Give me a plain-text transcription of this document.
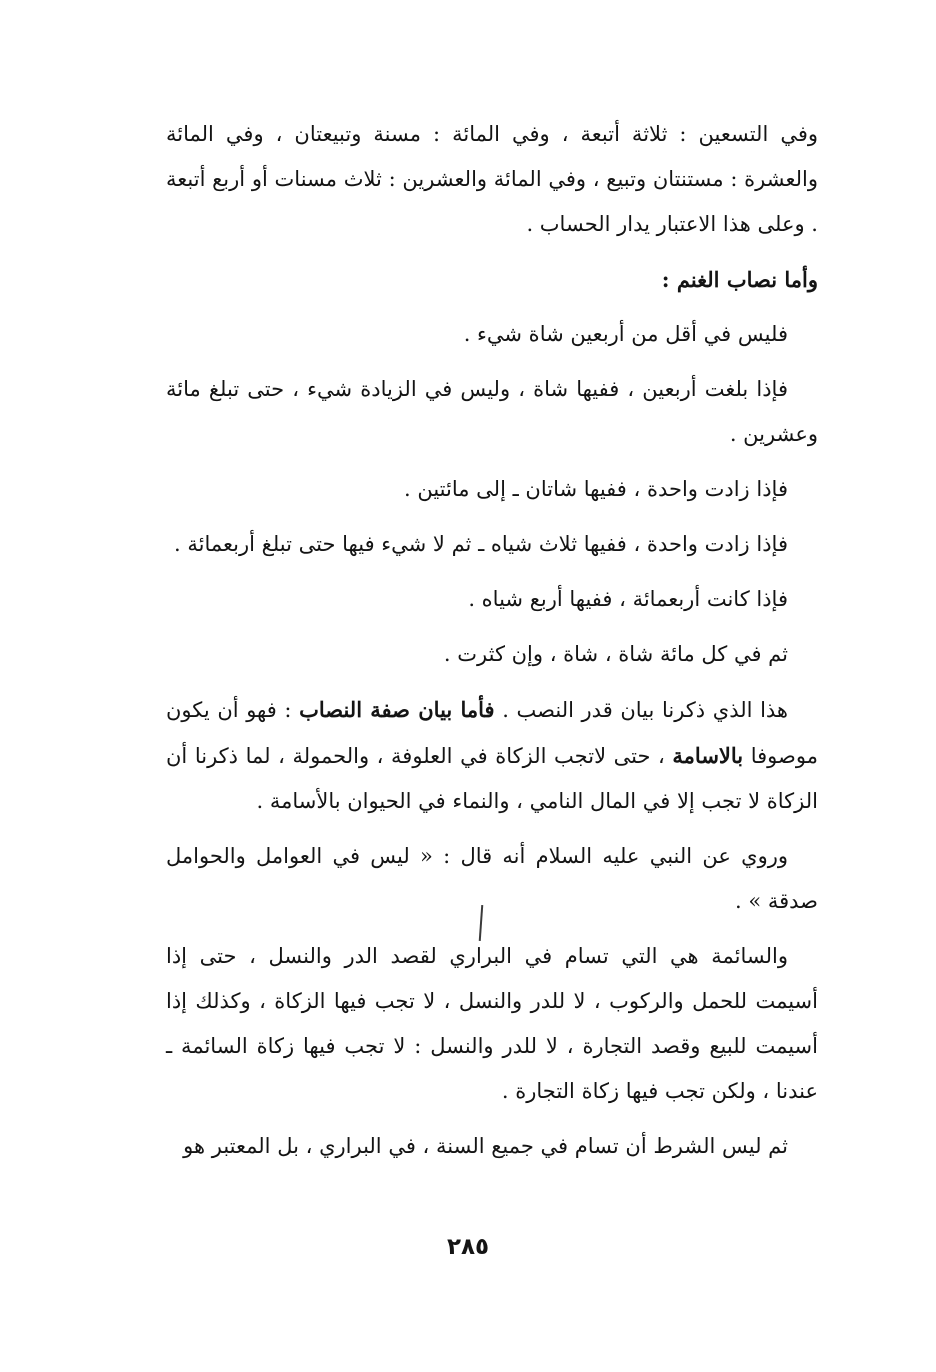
وفي التسعين : ثلاثة أتبعة ، وفي المائة : مسنة وتبيعتان ، وفي المائة والعشرة : مستنتان وتبيع ، وفي المائة والعشرين : ثلاث مسنات أو أربع أتبعة . وعلى هذا الاعتبار يدار الحساب .

وأما نصاب الغنم :

فليس في أقل من أربعين شاة شيء .

فإذا بلغت أربعين ، ففيها شاة ، وليس في الزيادة شيء ، حتى تبلغ مائة وعشرين .

فإذا زادت واحدة ، ففيها شاتان ـ إلى مائتين .

فإذا زادت واحدة ، ففيها ثلاث شياه ـ ثم لا شيء فيها حتى تبلغ أربعمائة .

فإذا كانت أربعمائة ، ففيها أربع شياه .

ثم في كل مائة شاة ، شاة ، وإن كثرت .

هذا الذي ذكرنا بيان قدر النصب . فأما بيان صفة النصاب : فهو أن يكون موصوفا بالاسامة ، حتى لاتجب الزكاة في العلوفة ، والحمولة ، لما ذكرنا أن الزكاة لا تجب إلا في المال النامي ، والنماء في الحيوان بالأسامة .

وروي عن النبي عليه السلام أنه قال : « ليس في العوامل والحوامل صدقة » .

والسائمة هي التي تسام في البراري لقصد الدر والنسل ، حتى إذا أسيمت للحمل والركوب ، لا للدر والنسل ، لا تجب فيها الزكاة ، وكذلك إذا أسيمت للبيع وقصد التجارة ، لا للدر والنسل : لا تجب فيها زكاة السائمة ـ عندنا ، ولكن تجب فيها زكاة التجارة .

ثم ليس الشرط أن تسام في جميع السنة ، في البراري ، بل المعتبر هو

٢٨٥
